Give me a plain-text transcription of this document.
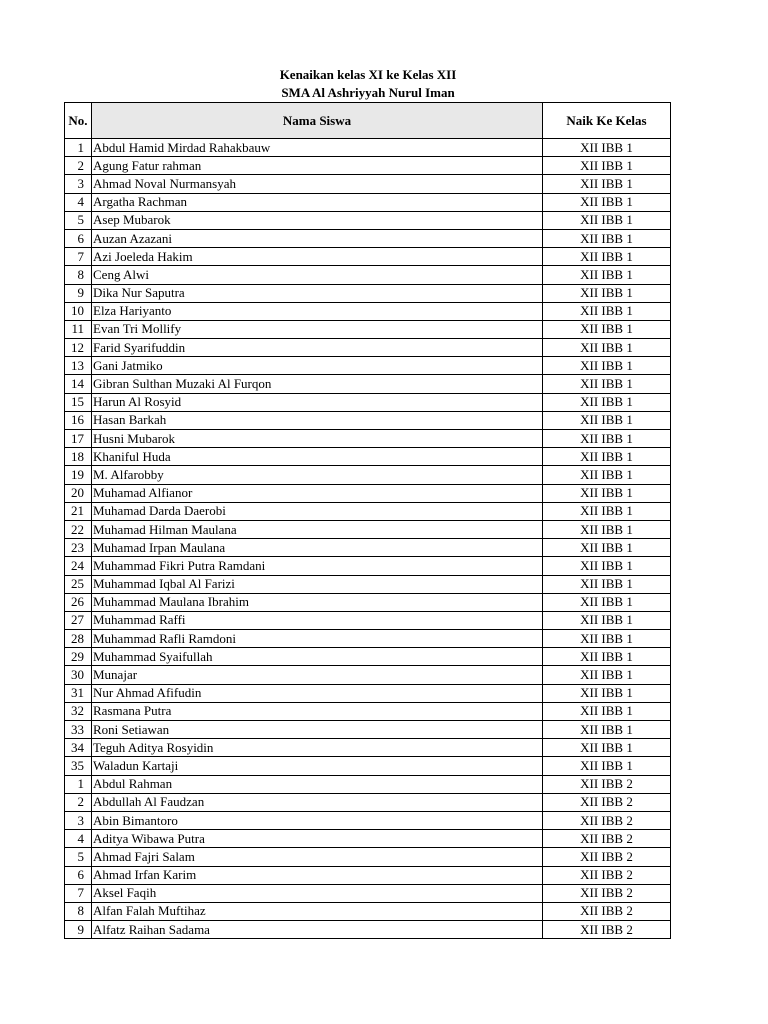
Kenaikan kelas XI ke Kelas XII
SMA Al Ashriyyah Nurul Iman
No.	Nama Siswa	Naik Ke Kelas
1	Abdul Hamid Mirdad Rahakbauw	XII IBB 1
2	Agung Fatur rahman	XII IBB 1
3	Ahmad Noval Nurmansyah	XII IBB 1
4	Argatha Rachman	XII IBB 1
5	Asep Mubarok	XII IBB 1
6	Auzan Azazani	XII IBB 1
7	Azi Joeleda Hakim	XII IBB 1
8	Ceng Alwi	XII IBB 1
9	Dika Nur Saputra	XII IBB 1
10	Elza Hariyanto	XII IBB 1
11	Evan Tri Mollify	XII IBB 1
12	Farid Syarifuddin	XII IBB 1
13	Gani Jatmiko	XII IBB 1
14	Gibran Sulthan Muzaki Al Furqon	XII IBB 1
15	Harun Al Rosyid	XII IBB 1
16	Hasan Barkah	XII IBB 1
17	Husni Mubarok	XII IBB 1
18	Khaniful Huda	XII IBB 1
19	M. Alfarobby	XII IBB 1
20	Muhamad Alfianor	XII IBB 1
21	Muhamad Darda Daerobi	XII IBB 1
22	Muhamad Hilman Maulana	XII IBB 1
23	Muhamad Irpan Maulana	XII IBB 1
24	Muhammad Fikri Putra Ramdani	XII IBB 1
25	Muhammad Iqbal Al Farizi	XII IBB 1
26	Muhammad Maulana Ibrahim	XII IBB 1
27	Muhammad Raffi	XII IBB 1
28	Muhammad Rafli Ramdoni	XII IBB 1
29	Muhammad Syaifullah	XII IBB 1
30	Munajar	XII IBB 1
31	Nur Ahmad Afifudin	XII IBB 1
32	Rasmana Putra	XII IBB 1
33	Roni Setiawan	XII IBB 1
34	Teguh Aditya Rosyidin	XII IBB 1
35	Waladun Kartaji	XII IBB 1
1	Abdul Rahman	XII IBB 2
2	Abdullah Al Faudzan	XII IBB 2
3	Abin Bimantoro	XII IBB 2
4	Aditya Wibawa Putra	XII IBB 2
5	Ahmad Fajri Salam	XII IBB 2
6	Ahmad Irfan Karim	XII IBB 2
7	Aksel Faqih	XII IBB 2
8	Alfan Falah Muftihaz	XII IBB 2
9	Alfatz Raihan Sadama	XII IBB 2
